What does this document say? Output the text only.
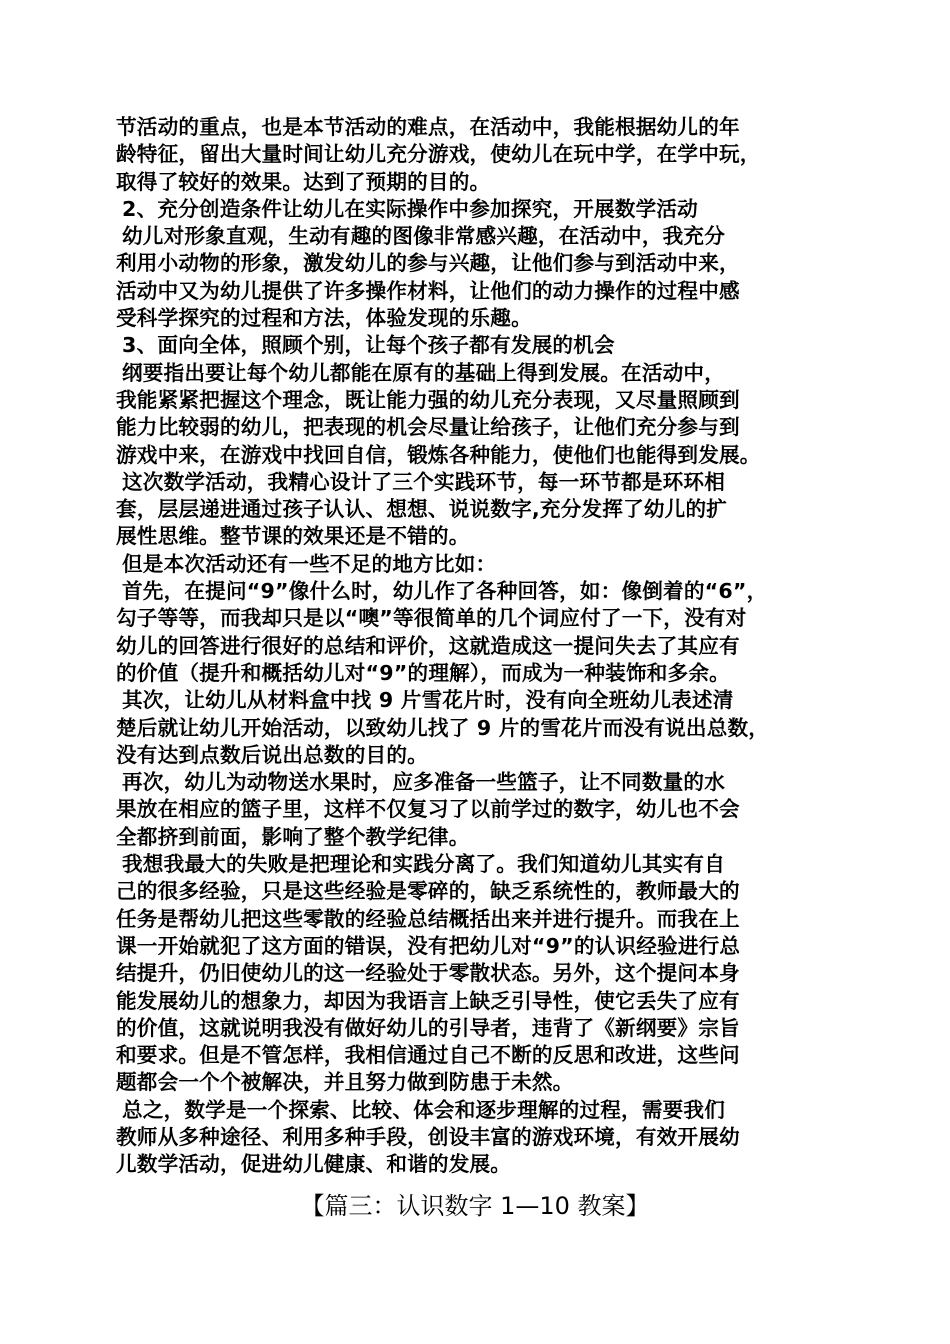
节活动的重点，也是本节活动的难点，在活动中，我能根据幼儿的年
龄特征，留出大量时间让幼儿充分游戏，使幼儿在玩中学，在学中玩，
取得了较好的效果。达到了预期的目的。
2、充分创造条件让幼儿在实际操作中参加探究，开展数学活动
幼儿对形象直观，生动有趣的图像非常感兴趣，在活动中，我充分
利用小动物的形象，激发幼儿的参与兴趣，让他们参与到活动中来，
活动中又为幼儿提供了许多操作材料，让他们的动力操作的过程中感
受科学探究的过程和方法，体验发现的乐趣。
3、面向全体，照顾个别，让每个孩子都有发展的机会
纲要指出要让每个幼儿都能在原有的基础上得到发展。在活动中，
我能紧紧把握这个理念，既让能力强的幼儿充分表现，又尽量照顾到
能力比较弱的幼儿，把表现的机会尽量让给孩子，让他们充分参与到
游戏中来，在游戏中找回自信，锻炼各种能力，使他们也能得到发展。
这次数学活动，我精心设计了三个实践环节，每一环节都是环环相
套，层层递进通过孩子认认、想想、说说数字,充分发挥了幼儿的扩
展性思维。整节课的效果还是不错的。
但是本次活动还有一些不足的地方比如：
首先，在提问“9”像什么时，幼儿作了各种回答，如：像倒着的“6”，
勾子等等，而我却只是以“噢”等很简单的几个词应付了一下，没有对
幼儿的回答进行很好的总结和评价，这就造成这一提问失去了其应有
的价值（提升和概括幼儿对“9”的理解），而成为一种装饰和多余。
其次，让幼儿从材料盒中找 9 片雪花片时，没有向全班幼儿表述清
楚后就让幼儿开始活动，以致幼儿找了 9 片的雪花片而没有说出总数，
没有达到点数后说出总数的目的。
再次，幼儿为动物送水果时，应多准备一些篮子，让不同数量的水
果放在相应的篮子里，这样不仅复习了以前学过的数字，幼儿也不会
全都挤到前面，影响了整个教学纪律。
我想我最大的失败是把理论和实践分离了。我们知道幼儿其实有自
己的很多经验，只是这些经验是零碎的，缺乏系统性的，教师最大的
任务是帮幼儿把这些零散的经验总结概括出来并进行提升。而我在上
课一开始就犯了这方面的错误，没有把幼儿对“9”的认识经验进行总
结提升，仍旧使幼儿的这一经验处于零散状态。另外，这个提问本身
能发展幼儿的想象力，却因为我语言上缺乏引导性，使它丢失了应有
的价值，这就说明我没有做好幼儿的引导者，违背了《新纲要》宗旨
和要求。但是不管怎样，我相信通过自己不断的反思和改进，这些问
题都会一个个被解决，并且努力做到防患于未然。
总之，数学是一个探索、比较、体会和逐步理解的过程，需要我们
教师从多种途径、利用多种手段，创设丰富的游戏环境，有效开展幼
儿数学活动，促进幼儿健康、和谐的发展。
【篇三：认识数字 1—10 教案】
